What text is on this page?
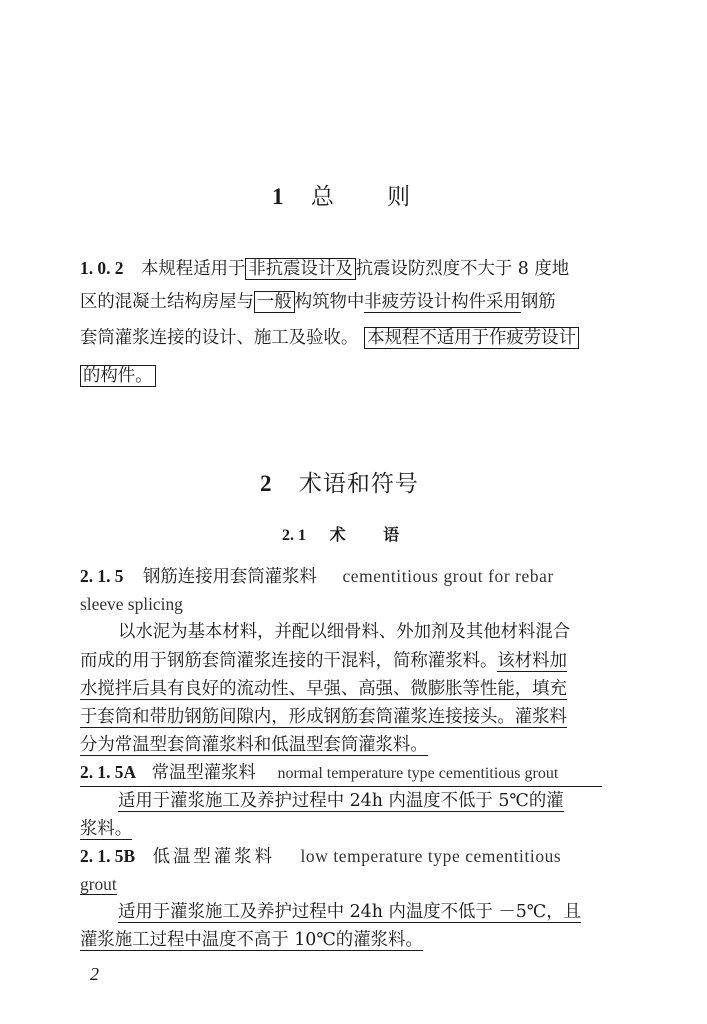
1 总 则
1. 0. 2 本规程适用于 非抗震设计及 抗震设防烈度不大于 8 度地
区的混凝土结构房屋与 一般 构筑物中非疲劳设计构件采用钢筋
套筒灌浆连接的设计、施工及验收。 本规程不适用于作疲劳设计
的构件。
2 术语和符号
2. 1 术 语
2. 1. 5 钢筋连接用套筒灌浆料 cementitious grout for rebar
sleeve splicing
以水泥为基本材料，并配以细骨料、外加剂及其他材料混合
而成的用于钢筋套筒灌浆连接的干混料，简称灌浆料。该材料加
水搅拌后具有良好的流动性、早强、高强、微膨胀等性能，填充
于套筒和带肋钢筋间隙内，形成钢筋套筒灌浆连接接头。灌浆料
分为常温型套筒灌浆料和低温型套筒灌浆料。
2. 1. 5A 常温型灌浆料 normal temperature type cementitious grout
适用于灌浆施工及养护过程中 24h 内温度不低于 5℃的灌
浆料。
2. 1. 5B 低温型灌浆料 low temperature type cementitious
grout
适用于灌浆施工及养护过程中 24h 内温度不低于 －5℃，且
灌浆施工过程中温度不高于 10℃的灌浆料。
2
